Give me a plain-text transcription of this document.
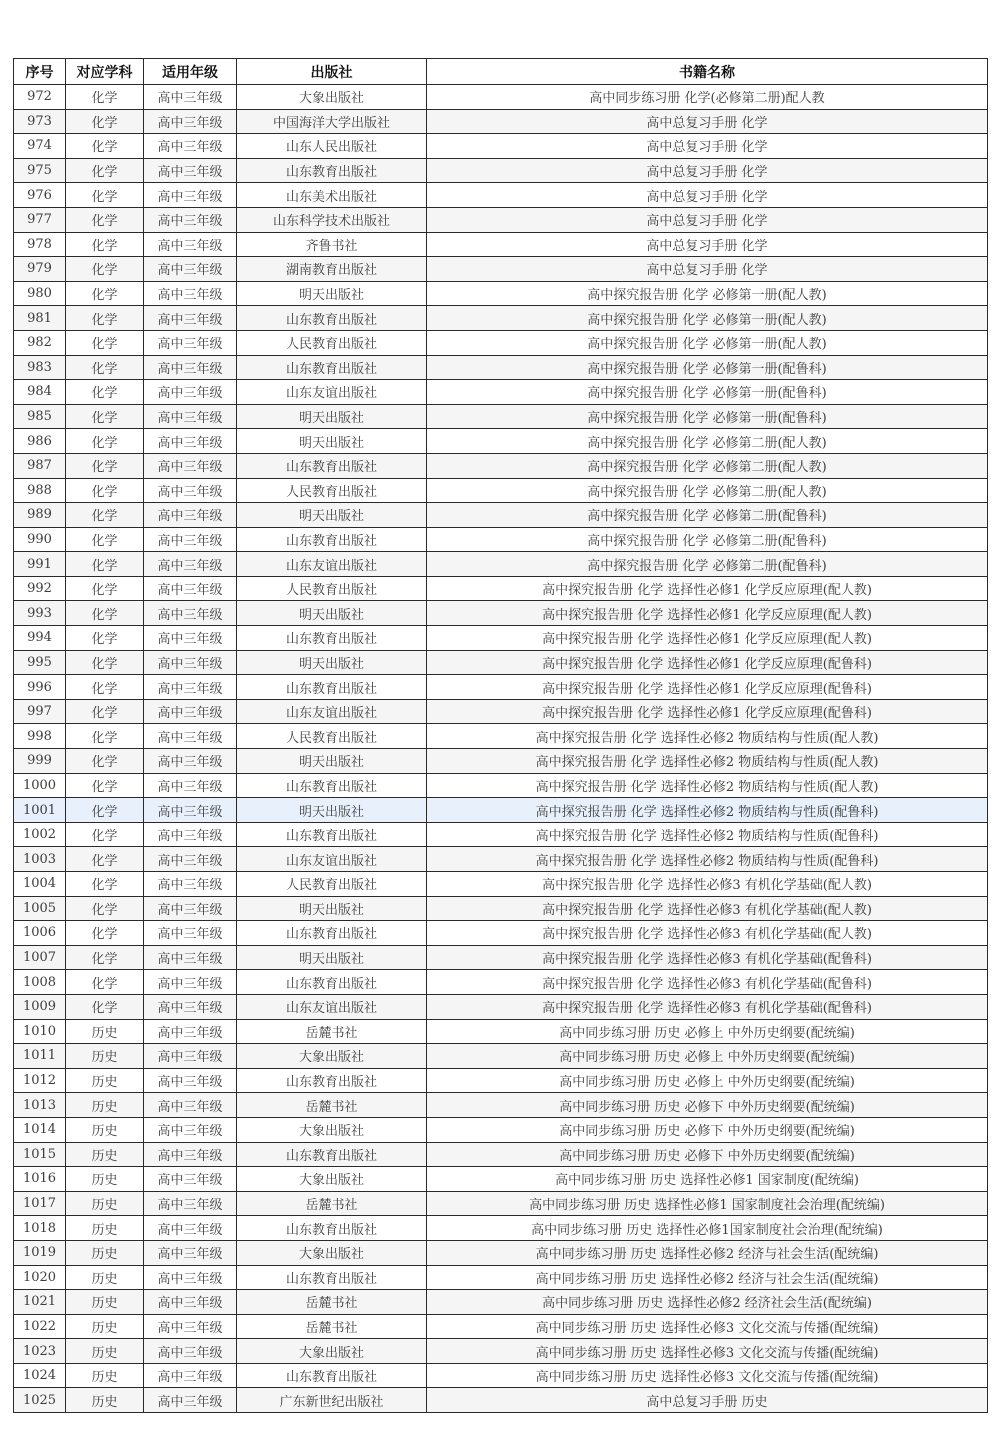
序号	对应学科	适用年级	出版社	书籍名称
972	化学	高中三年级	大象出版社	高中同步练习册 化学(必修第二册)配人教
973	化学	高中三年级	中国海洋大学出版社	高中总复习手册 化学
974	化学	高中三年级	山东人民出版社	高中总复习手册 化学
975	化学	高中三年级	山东教育出版社	高中总复习手册 化学
976	化学	高中三年级	山东美术出版社	高中总复习手册 化学
977	化学	高中三年级	山东科学技术出版社	高中总复习手册 化学
978	化学	高中三年级	齐鲁书社	高中总复习手册 化学
979	化学	高中三年级	湖南教育出版社	高中总复习手册 化学
980	化学	高中三年级	明天出版社	高中探究报告册 化学 必修第一册(配人教)
981	化学	高中三年级	山东教育出版社	高中探究报告册 化学 必修第一册(配人教)
982	化学	高中三年级	人民教育出版社	高中探究报告册 化学 必修第一册(配人教)
983	化学	高中三年级	山东教育出版社	高中探究报告册 化学 必修第一册(配鲁科)
984	化学	高中三年级	山东友谊出版社	高中探究报告册 化学 必修第一册(配鲁科)
985	化学	高中三年级	明天出版社	高中探究报告册 化学 必修第一册(配鲁科)
986	化学	高中三年级	明天出版社	高中探究报告册 化学 必修第二册(配人教)
987	化学	高中三年级	山东教育出版社	高中探究报告册 化学 必修第二册(配人教)
988	化学	高中三年级	人民教育出版社	高中探究报告册 化学 必修第二册(配人教)
989	化学	高中三年级	明天出版社	高中探究报告册 化学 必修第二册(配鲁科)
990	化学	高中三年级	山东教育出版社	高中探究报告册 化学 必修第二册(配鲁科)
991	化学	高中三年级	山东友谊出版社	高中探究报告册 化学 必修第二册(配鲁科)
992	化学	高中三年级	人民教育出版社	高中探究报告册 化学 选择性必修1 化学反应原理(配人教)
993	化学	高中三年级	明天出版社	高中探究报告册 化学 选择性必修1 化学反应原理(配人教)
994	化学	高中三年级	山东教育出版社	高中探究报告册 化学 选择性必修1 化学反应原理(配人教)
995	化学	高中三年级	明天出版社	高中探究报告册 化学 选择性必修1 化学反应原理(配鲁科)
996	化学	高中三年级	山东教育出版社	高中探究报告册 化学 选择性必修1 化学反应原理(配鲁科)
997	化学	高中三年级	山东友谊出版社	高中探究报告册 化学 选择性必修1 化学反应原理(配鲁科)
998	化学	高中三年级	人民教育出版社	高中探究报告册 化学 选择性必修2 物质结构与性质(配人教)
999	化学	高中三年级	明天出版社	高中探究报告册 化学 选择性必修2 物质结构与性质(配人教)
1000	化学	高中三年级	山东教育出版社	高中探究报告册 化学 选择性必修2 物质结构与性质(配人教)
1001	化学	高中三年级	明天出版社	高中探究报告册 化学 选择性必修2 物质结构与性质(配鲁科)
1002	化学	高中三年级	山东教育出版社	高中探究报告册 化学 选择性必修2 物质结构与性质(配鲁科)
1003	化学	高中三年级	山东友谊出版社	高中探究报告册 化学 选择性必修2 物质结构与性质(配鲁科)
1004	化学	高中三年级	人民教育出版社	高中探究报告册 化学 选择性必修3 有机化学基础(配人教)
1005	化学	高中三年级	明天出版社	高中探究报告册 化学 选择性必修3 有机化学基础(配人教)
1006	化学	高中三年级	山东教育出版社	高中探究报告册 化学 选择性必修3 有机化学基础(配人教)
1007	化学	高中三年级	明天出版社	高中探究报告册 化学 选择性必修3 有机化学基础(配鲁科)
1008	化学	高中三年级	山东教育出版社	高中探究报告册 化学 选择性必修3 有机化学基础(配鲁科)
1009	化学	高中三年级	山东友谊出版社	高中探究报告册 化学 选择性必修3 有机化学基础(配鲁科)
1010	历史	高中三年级	岳麓书社	高中同步练习册 历史 必修上 中外历史纲要(配统编)
1011	历史	高中三年级	大象出版社	高中同步练习册 历史 必修上 中外历史纲要(配统编)
1012	历史	高中三年级	山东教育出版社	高中同步练习册 历史 必修上 中外历史纲要(配统编)
1013	历史	高中三年级	岳麓书社	高中同步练习册 历史 必修下 中外历史纲要(配统编)
1014	历史	高中三年级	大象出版社	高中同步练习册 历史 必修下 中外历史纲要(配统编)
1015	历史	高中三年级	山东教育出版社	高中同步练习册 历史 必修下 中外历史纲要(配统编)
1016	历史	高中三年级	大象出版社	高中同步练习册 历史 选择性必修1 国家制度(配统编)
1017	历史	高中三年级	岳麓书社	高中同步练习册 历史 选择性必修1 国家制度社会治理(配统编)
1018	历史	高中三年级	山东教育出版社	高中同步练习册 历史 选择性必修1国家制度社会治理(配统编)
1019	历史	高中三年级	大象出版社	高中同步练习册 历史 选择性必修2 经济与社会生活(配统编)
1020	历史	高中三年级	山东教育出版社	高中同步练习册 历史 选择性必修2 经济与社会生活(配统编)
1021	历史	高中三年级	岳麓书社	高中同步练习册 历史 选择性必修2 经济社会生活(配统编)
1022	历史	高中三年级	岳麓书社	高中同步练习册 历史 选择性必修3 文化交流与传播(配统编)
1023	历史	高中三年级	大象出版社	高中同步练习册 历史 选择性必修3 文化交流与传播(配统编)
1024	历史	高中三年级	山东教育出版社	高中同步练习册 历史 选择性必修3 文化交流与传播(配统编)
1025	历史	高中三年级	广东新世纪出版社	高中总复习手册 历史
